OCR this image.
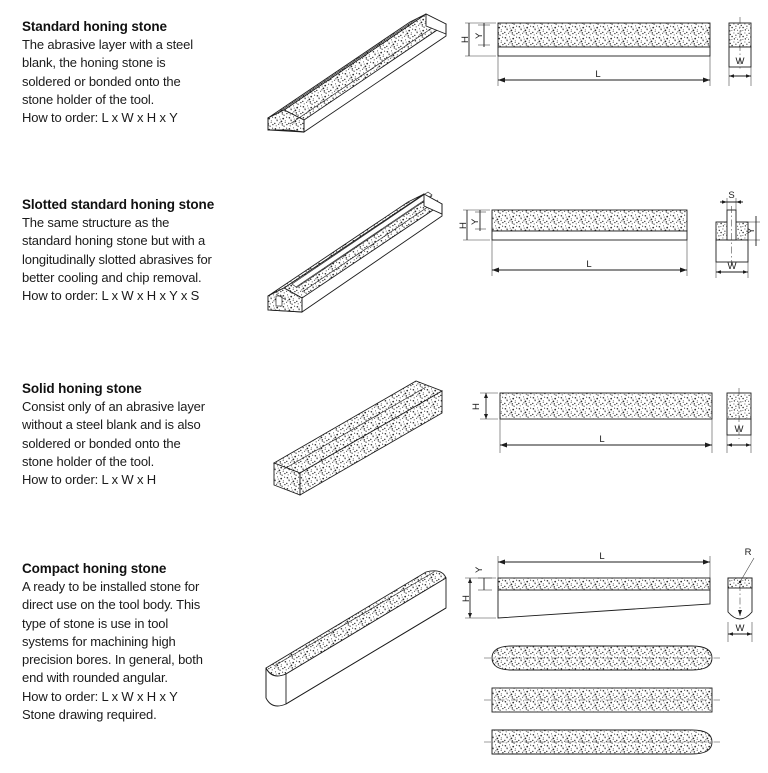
Standard honing stone

The abrasive layer with a steel
blank, the honing stone is
soldered or bonded onto the
stone holder of the tool.
How to order: L x W x H x Y

Y
H
L
W

Slotted standard honing stone

The same structure as the
standard honing stone but with a
longitudinally slotted abrasives for
better cooling and chip removal.
How to order: L x W x H x Y x S

Y
H
L
S
Y
W

Solid honing stone

Consist only of an abrasive layer
without a steel blank and is also
soldered or bonded onto the
stone holder of the tool.
How to order: L x W x H

H
L
W

Compact honing stone

A ready to be installed stone for
direct use on the tool body. This
type of stone is use in tool
systems for machining high
precision bores. In general, both
end with rounded angular.
How to order: L x W x H x Y
Stone drawing required.

Y
H
L	R
W
